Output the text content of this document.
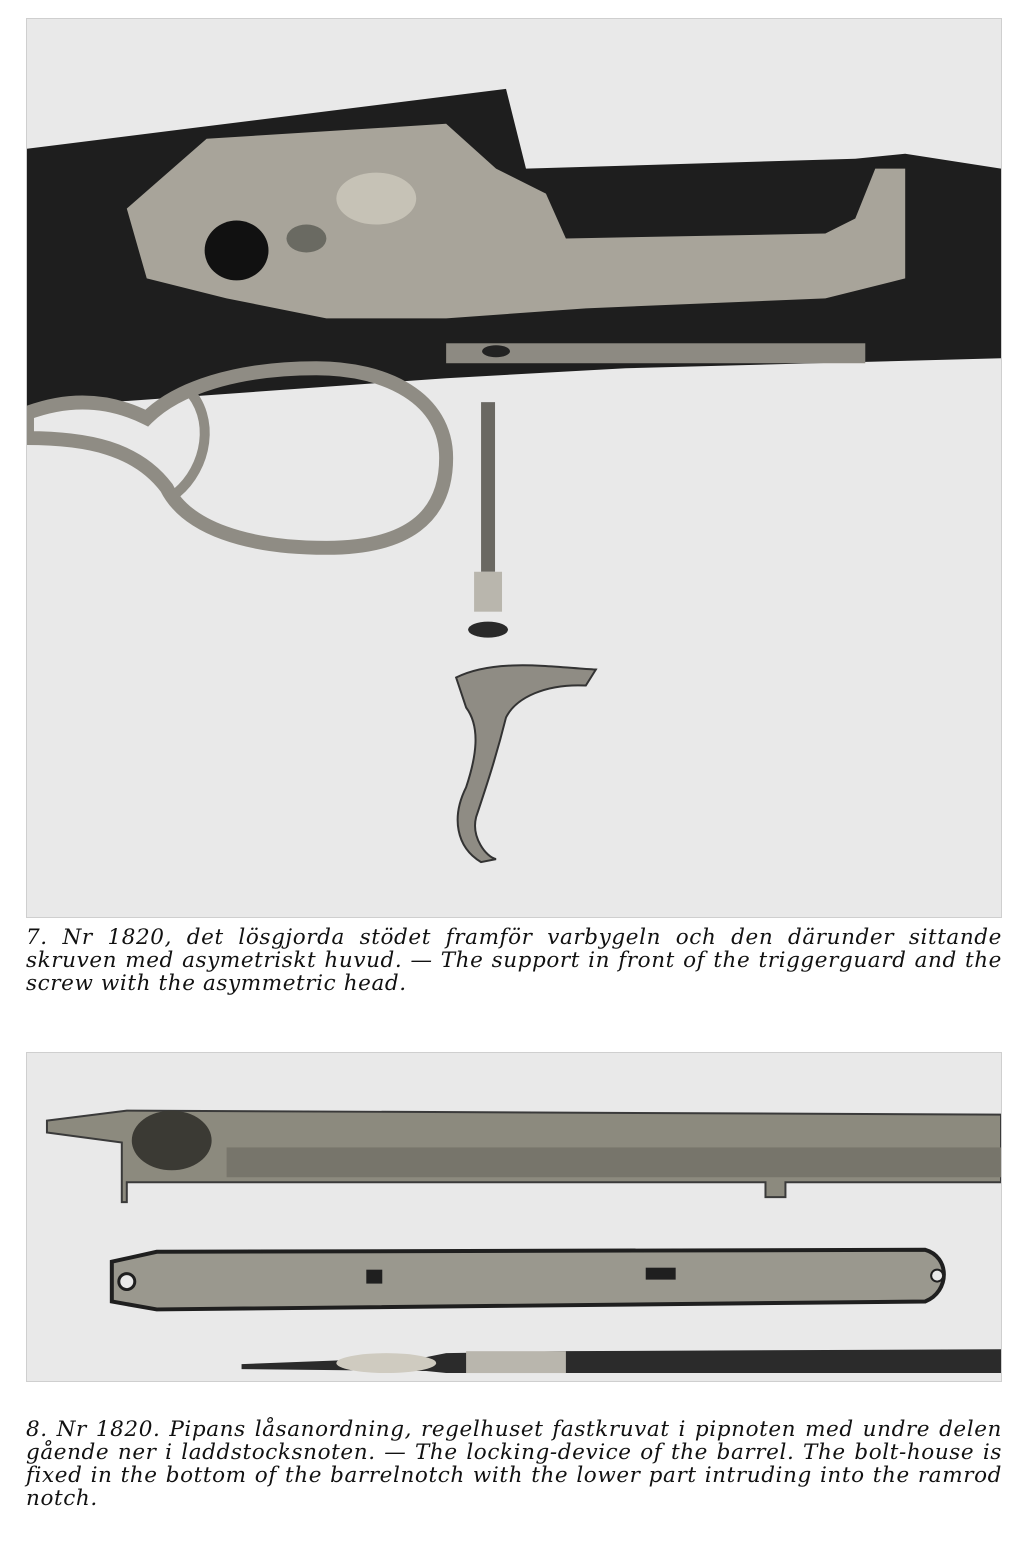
7. Nr 1820, det lösgjorda stödet framför varbygeln och den därunder sittande skruven med asymetriskt huvud. — The support in front of the triggerguard and the screw with the asymmetric head.

8. Nr 1820. Pipans låsanordning, regelhuset fastkruvat i pipnoten med undre delen gående ner i laddstocksnoten. — The locking-device of the barrel. The bolt-house is fixed in the bottom of the barrelnotch with the lower part intruding into the ramrod notch.
